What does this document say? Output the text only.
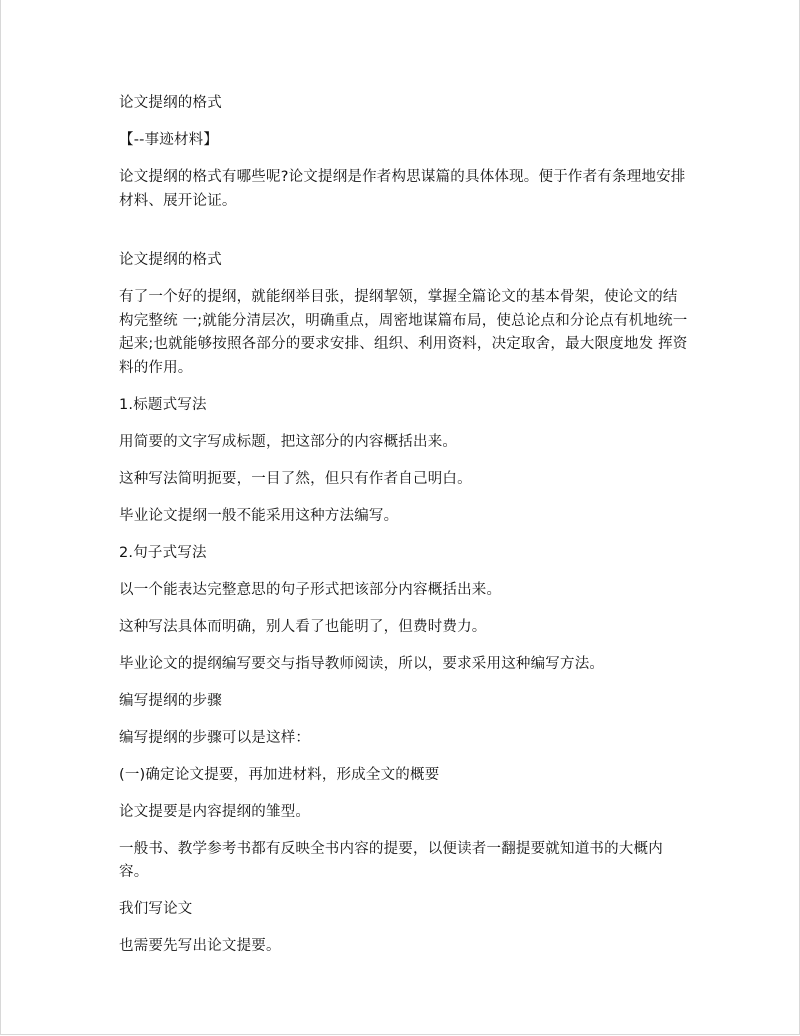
论文提纲的格式

【--事迹材料】

论文提纲的格式有哪些呢?论文提纲是作者构思谋篇的具体体现。便于作者有条理地安排材料、展开论证。

论文提纲的格式

有了一个好的提纲，就能纲举目张，提纲挈领，掌握全篇论文的基本骨架，使论文的结构完整统 一;就能分清层次，明确重点，周密地谋篇布局，使总论点和分论点有机地统一起来;也就能够按照各部分的要求安排、组织、利用资料，决定取舍，最大限度地发 挥资料的作用。

1.标题式写法

用简要的文字写成标题，把这部分的内容概括出来。

这种写法简明扼要，一目了然，但只有作者自己明白。

毕业论文提纲一般不能采用这种方法编写。

2.句子式写法

以一个能表达完整意思的句子形式把该部分内容概括出来。

这种写法具体而明确，别人看了也能明了，但费时费力。

毕业论文的提纲编写要交与指导教师阅读，所以，要求采用这种编写方法。

编写提纲的步骤

编写提纲的步骤可以是这样：

(一)确定论文提要，再加进材料，形成全文的概要

论文提要是内容提纲的雏型。

一般书、教学参考书都有反映全书内容的提要，以便读者一翻提要就知道书的大概内容。

我们写论文

也需要先写出论文提要。
